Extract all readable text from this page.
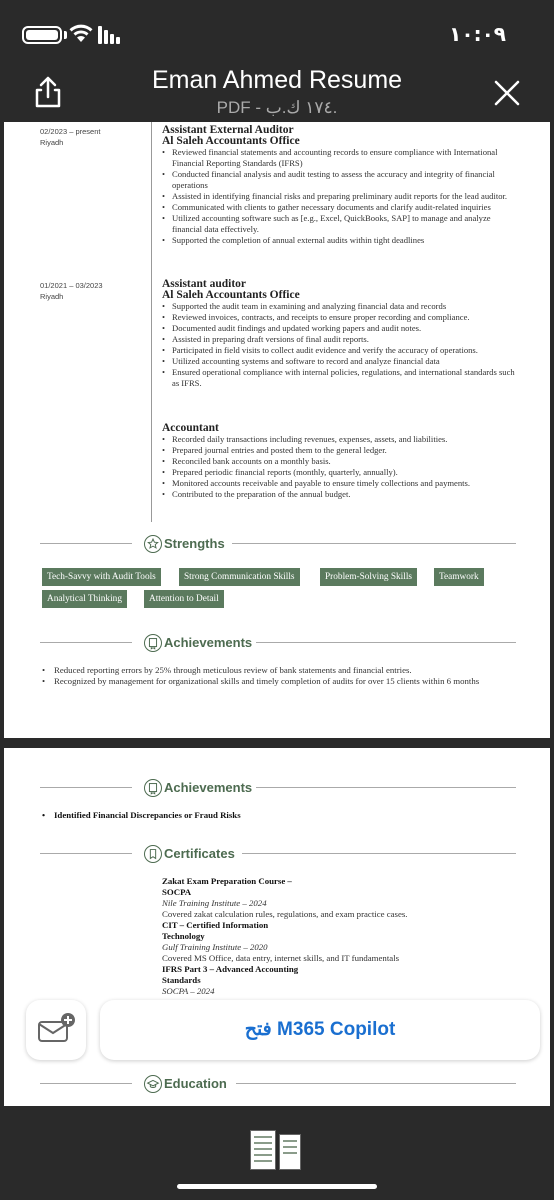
١٠:٠٩
Eman Ahmed Resume
PDF - ١٧٤ ك.ب.
02/2023 – present
Riyadh
Assistant External Auditor
Al Saleh Accountants Office
• Reviewed financial statements and accounting records to ensure compliance with International Financial Reporting Standards (IFRS)
• Conducted financial analysis and audit testing to assess the accuracy and integrity of financial operations
• Assisted in identifying financial risks and preparing preliminary audit reports for the lead auditor.
• Communicated with clients to gather necessary documents and clarify audit-related inquiries
• Utilized accounting software such as [e.g., Excel, QuickBooks, SAP] to manage and analyze financial data effectively.
• Supported the completion of annual external audits within tight deadlines
01/2021 – 03/2023
Riyadh
Assistant auditor
Al Saleh Accountants Office
• Supported the audit team in examining and analyzing financial data and records
• Reviewed invoices, contracts, and receipts to ensure proper recording and compliance.
• Documented audit findings and updated working papers and audit notes.
• Assisted in preparing draft versions of final audit reports.
• Participated in field visits to collect audit evidence and verify the accuracy of operations.
• Utilized accounting systems and software to record and analyze financial data
• Ensured operational compliance with internal policies, regulations, and international standards such as IFRS.
Accountant
• Recorded daily transactions including revenues, expenses, assets, and liabilities.
• Prepared journal entries and posted them to the general ledger.
• Reconciled bank accounts on a monthly basis.
• Prepared periodic financial reports (monthly, quarterly, annually).
• Monitored accounts receivable and payable to ensure timely collections and payments.
• Contributed to the preparation of the annual budget.
Strengths
Tech-Savvy with Audit Tools	Strong Communication Skills	Problem-Solving Skills	Teamwork
Analytical Thinking	Attention to Detail
Achievements
• Reduced reporting errors by 25% through meticulous review of bank statements and financial entries.
• Recognized by management for organizational skills and timely completion of audits for over 15 clients within 6 months
Achievements
• Identified Financial Discrepancies or Fraud Risks
Certificates
Zakat Exam Preparation Course –
SOCPA
Nile Training Institute – 2024
Covered zakat calculation rules, regulations, and exam practice cases.
CIT – Certified Information
Technology
Gulf Training Institute – 2020
Covered MS Office, data entry, internet skills, and IT fundamentals
IFRS Part 3 – Advanced Accounting
Standards
SOCPA – 2024
Education
فتح M365 Copilot
